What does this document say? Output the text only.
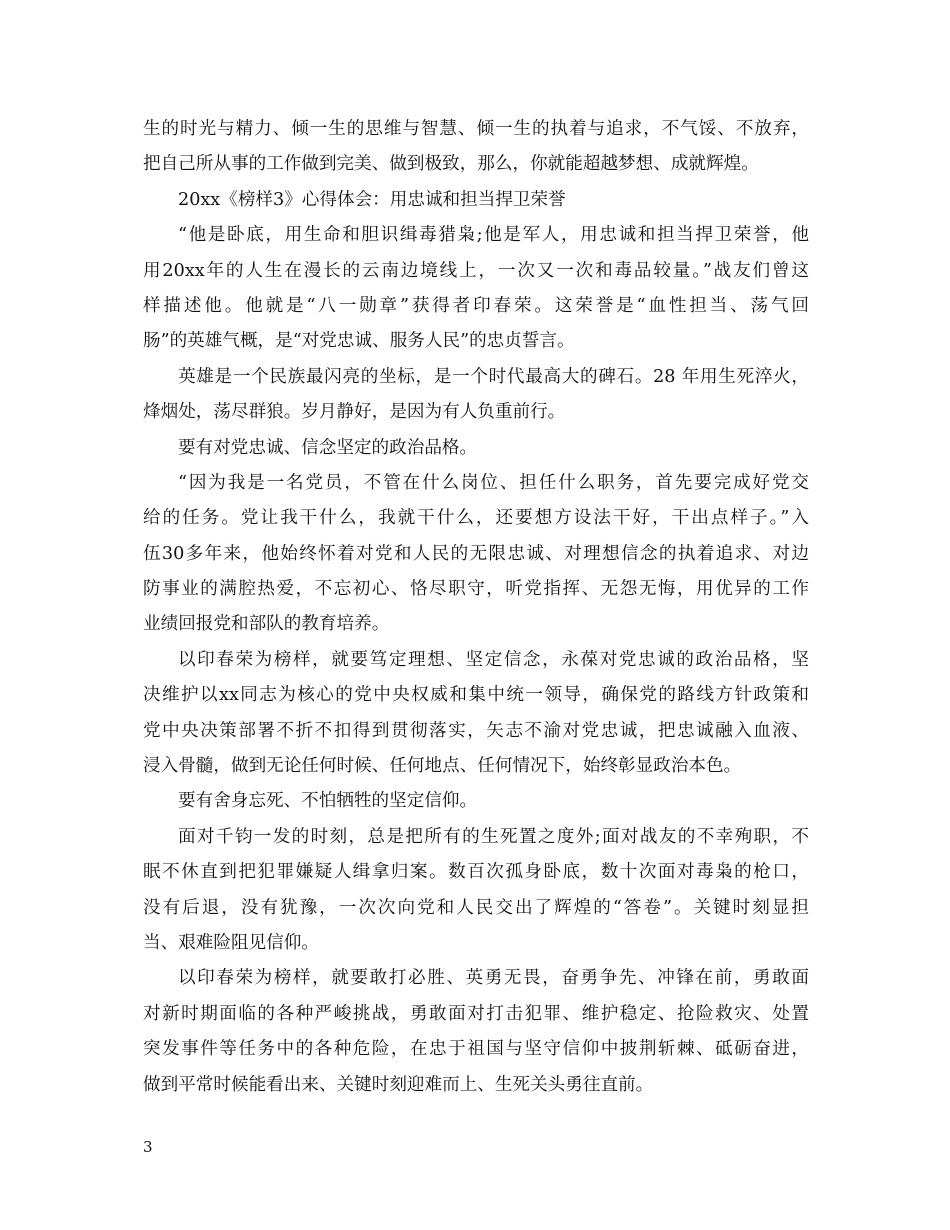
生的时光与精力、倾一生的思维与智慧、倾一生的执着与追求，不气馁、不放弃，
把自己所从事的工作做到完美、做到极致，那么，你就能超越梦想、成就辉煌。
20xx《榜样3》心得体会：用忠诚和担当捍卫荣誉
“他是卧底，用生命和胆识缉毒猎枭;他是军人，用忠诚和担当捍卫荣誉，他
用20xx年的人生在漫长的云南边境线上，一次又一次和毒品较量。”战友们曾这
样描述他。他就是“八一勋章”获得者印春荣。这荣誉是“血性担当、荡气回
肠”的英雄气概，是“对党忠诚、服务人民”的忠贞誓言。
英雄是一个民族最闪亮的坐标，是一个时代最高大的碑石。28 年用生死淬火，
烽烟处，荡尽群狼。岁月静好，是因为有人负重前行。
要有对党忠诚、信念坚定的政治品格。
“因为我是一名党员，不管在什么岗位、担任什么职务，首先要完成好党交
给的任务。党让我干什么，我就干什么，还要想方设法干好，干出点样子。”入
伍30多年来，他始终怀着对党和人民的无限忠诚、对理想信念的执着追求、对边
防事业的满腔热爱，不忘初心、恪尽职守，听党指挥、无怨无悔，用优异的工作
业绩回报党和部队的教育培养。
以印春荣为榜样，就要笃定理想、坚定信念，永葆对党忠诚的政治品格，坚
决维护以xx同志为核心的党中央权威和集中统一领导，确保党的路线方针政策和
党中央决策部署不折不扣得到贯彻落实，矢志不渝对党忠诚，把忠诚融入血液、
浸入骨髓，做到无论任何时候、任何地点、任何情况下，始终彰显政治本色。
要有舍身忘死、不怕牺牲的坚定信仰。
面对千钧一发的时刻，总是把所有的生死置之度外;面对战友的不幸殉职，不
眠不休直到把犯罪嫌疑人缉拿归案。数百次孤身卧底，数十次面对毒枭的枪口，
没有后退，没有犹豫，一次次向党和人民交出了辉煌的“答卷”。关键时刻显担
当、艰难险阻见信仰。
以印春荣为榜样，就要敢打必胜、英勇无畏，奋勇争先、冲锋在前，勇敢面
对新时期面临的各种严峻挑战，勇敢面对打击犯罪、维护稳定、抢险救灾、处置
突发事件等任务中的各种危险，在忠于祖国与坚守信仰中披荆斩棘、砥砺奋进，
做到平常时候能看出来、关键时刻迎难而上、生死关头勇往直前。
3
